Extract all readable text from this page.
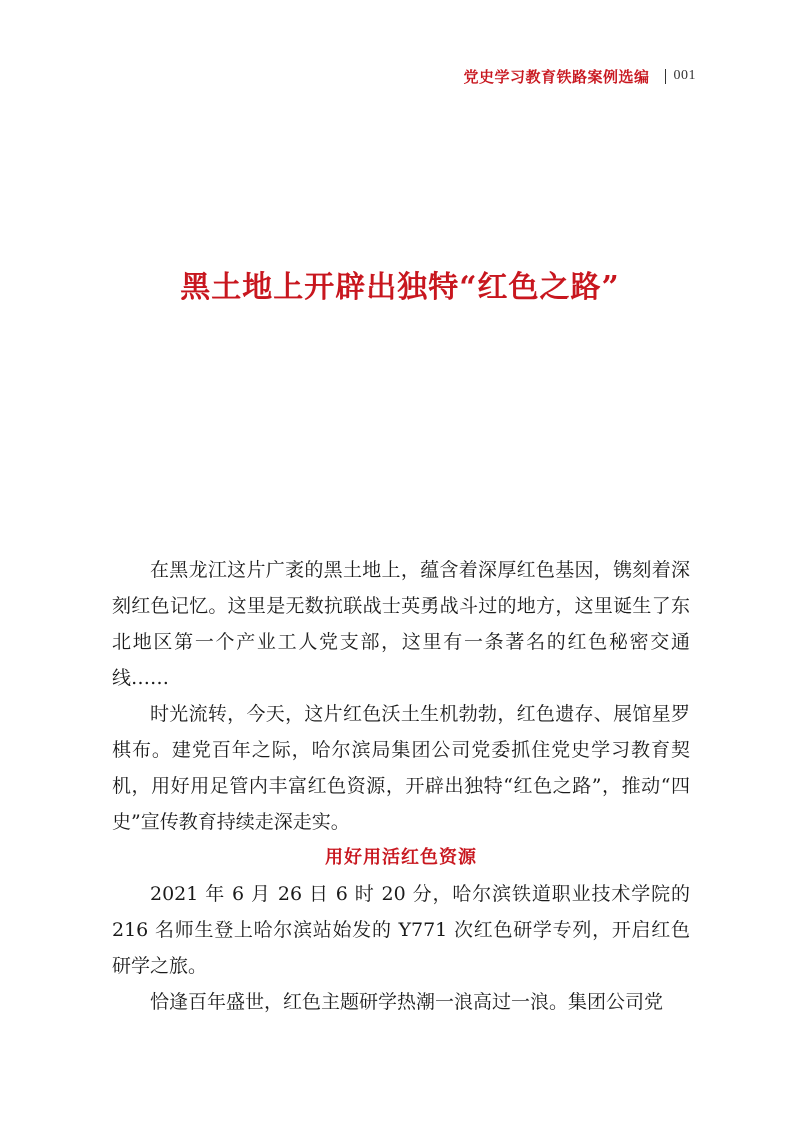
党史学习教育铁路案例选编 001
黑土地上开辟出独特“红色之路”

在黑龙江这片广袤的黑土地上，蕴含着深厚红色基因，镌刻着深刻红色记忆。这里是无数抗联战士英勇战斗过的地方，这里诞生了东北地区第一个产业工人党支部，这里有一条著名的红色秘密交通线……

时光流转，今天，这片红色沃土生机勃勃，红色遗存、展馆星罗棋布。建党百年之际，哈尔滨局集团公司党委抓住党史学习教育契机，用好用足管内丰富红色资源，开辟出独特“红色之路”，推动“四史”宣传教育持续走深走实。

用好用活红色资源

2021 年 6 月 26 日 6 时 20 分，哈尔滨铁道职业技术学院的 216 名师生登上哈尔滨站始发的 Y771 次红色研学专列，开启红色研学之旅。

恰逢百年盛世，红色主题研学热潮一浪高过一浪。集团公司党
